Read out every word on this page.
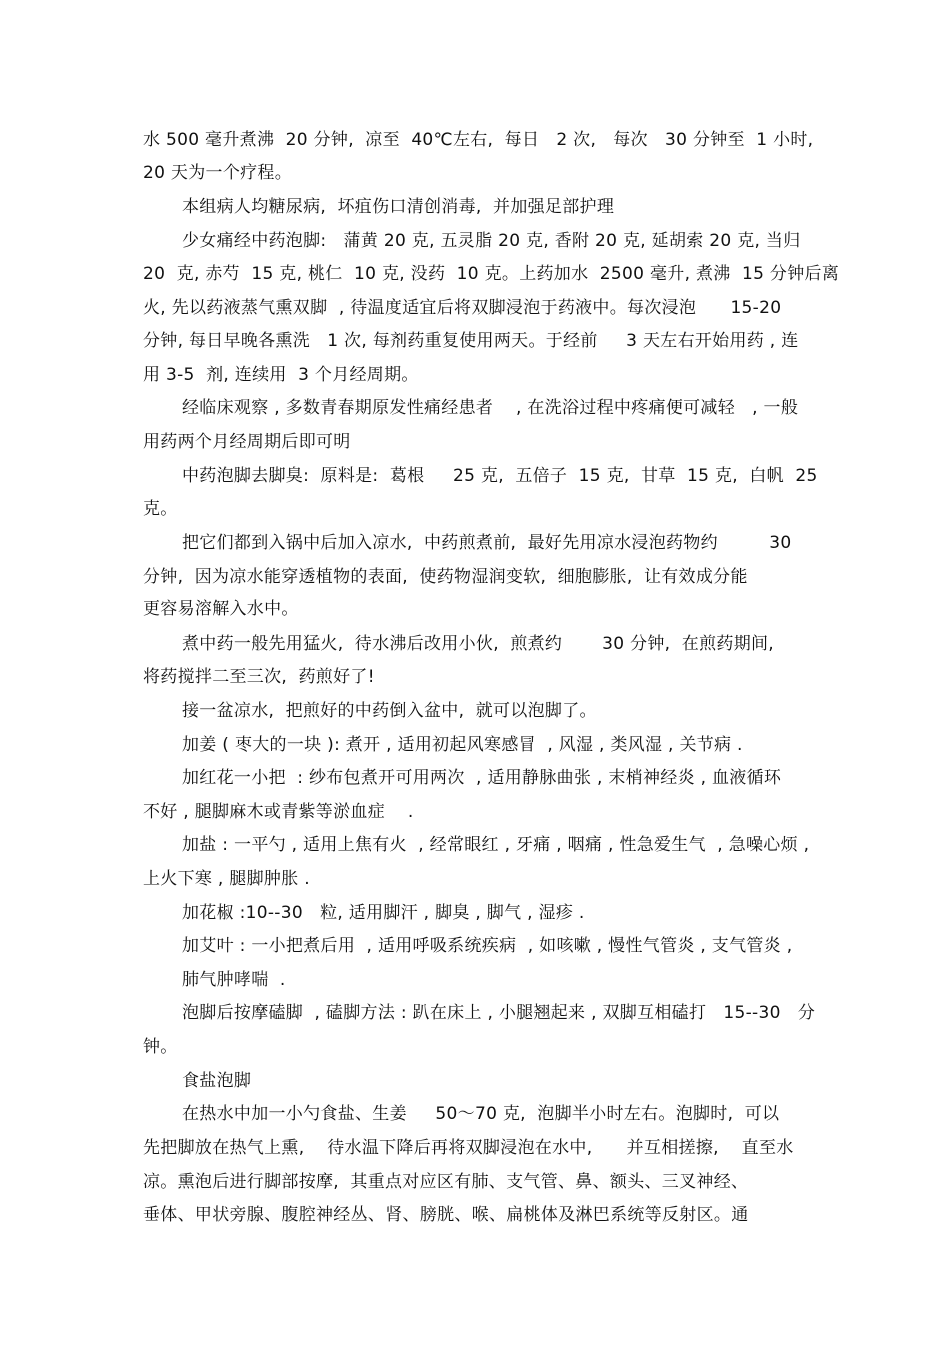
水 500 毫升煮沸  20 分钟,  凉至  40℃左右,  每日   2 次,   每次   30 分钟至  1 小时,
20 天为一个疗程。
本组病人均糖尿病,  坏疽伤口清创消毒,  并加强足部护理
少女痛经中药泡脚:   蒲黄 20 克, 五灵脂 20 克, 香附 20 克, 延胡索 20 克, 当归
20  克, 赤芍  15 克, 桃仁  10 克, 没药  10 克。上药加水  2500 毫升, 煮沸  15 分钟后离
火, 先以药液蒸气熏双脚  , 待温度适宜后将双脚浸泡于药液中。每次浸泡      15-20
分钟, 每日早晚各熏洗   1 次, 每剂药重复使用两天。于经前     3 天左右开始用药 , 连
用 3-5  剂, 连续用  3 个月经周期。
经临床观察 , 多数青春期原发性痛经患者    , 在洗浴过程中疼痛便可减轻   , 一般
用药两个月经周期后即可明
中药泡脚去脚臭:  原料是:  葛根     25 克,  五倍子  15 克,  甘草  15 克,  白帆  25
克。
把它们都到入锅中后加入凉水,  中药煎煮前,  最好先用凉水浸泡药物约         30
分钟,  因为凉水能穿透植物的表面,  使药物湿润变软,  细胞膨胀,  让有效成分能
更容易溶解入水中。
煮中药一般先用猛火,  待水沸后改用小伙,  煎煮约       30 分钟,  在煎药期间,
将药搅拌二至三次,  药煎好了!
接一盆凉水,  把煎好的中药倒入盆中,  就可以泡脚了。
加姜 ( 枣大的一块 ): 煮开 , 适用初起风寒感冒  , 风湿 , 类风湿 , 关节病 .
加红花一小把  : 纱布包煮开可用两次  , 适用静脉曲张 , 末梢神经炎 , 血液循环
不好 , 腿脚麻木或青紫等淤血症    .
加盐 : 一平勺 , 适用上焦有火  , 经常眼红 , 牙痛 , 咽痛 , 性急爱生气  , 急噪心烦 ,
上火下寒 , 腿脚肿胀 .
加花椒 :10--30   粒, 适用脚汗 , 脚臭 , 脚气 , 湿疹 .
加艾叶 : 一小把煮后用  , 适用呼吸系统疾病  , 如咳嗽 , 慢性气管炎 , 支气管炎 ,
肺气肿哮喘  .
泡脚后按摩磕脚  , 磕脚方法 : 趴在床上 , 小腿翘起来 , 双脚互相磕打   15--30   分
钟。
食盐泡脚
在热水中加一小勺食盐、生姜     50～70 克,  泡脚半小时左右。泡脚时,  可以
先把脚放在热气上熏,    待水温下降后再将双脚浸泡在水中,      并互相搓擦,    直至水
凉。熏泡后进行脚部按摩,  其重点对应区有肺、支气管、鼻、额头、三叉神经、
垂体、甲状旁腺、腹腔神经丛、肾、膀胱、喉、扁桃体及淋巴系统等反射区。通
